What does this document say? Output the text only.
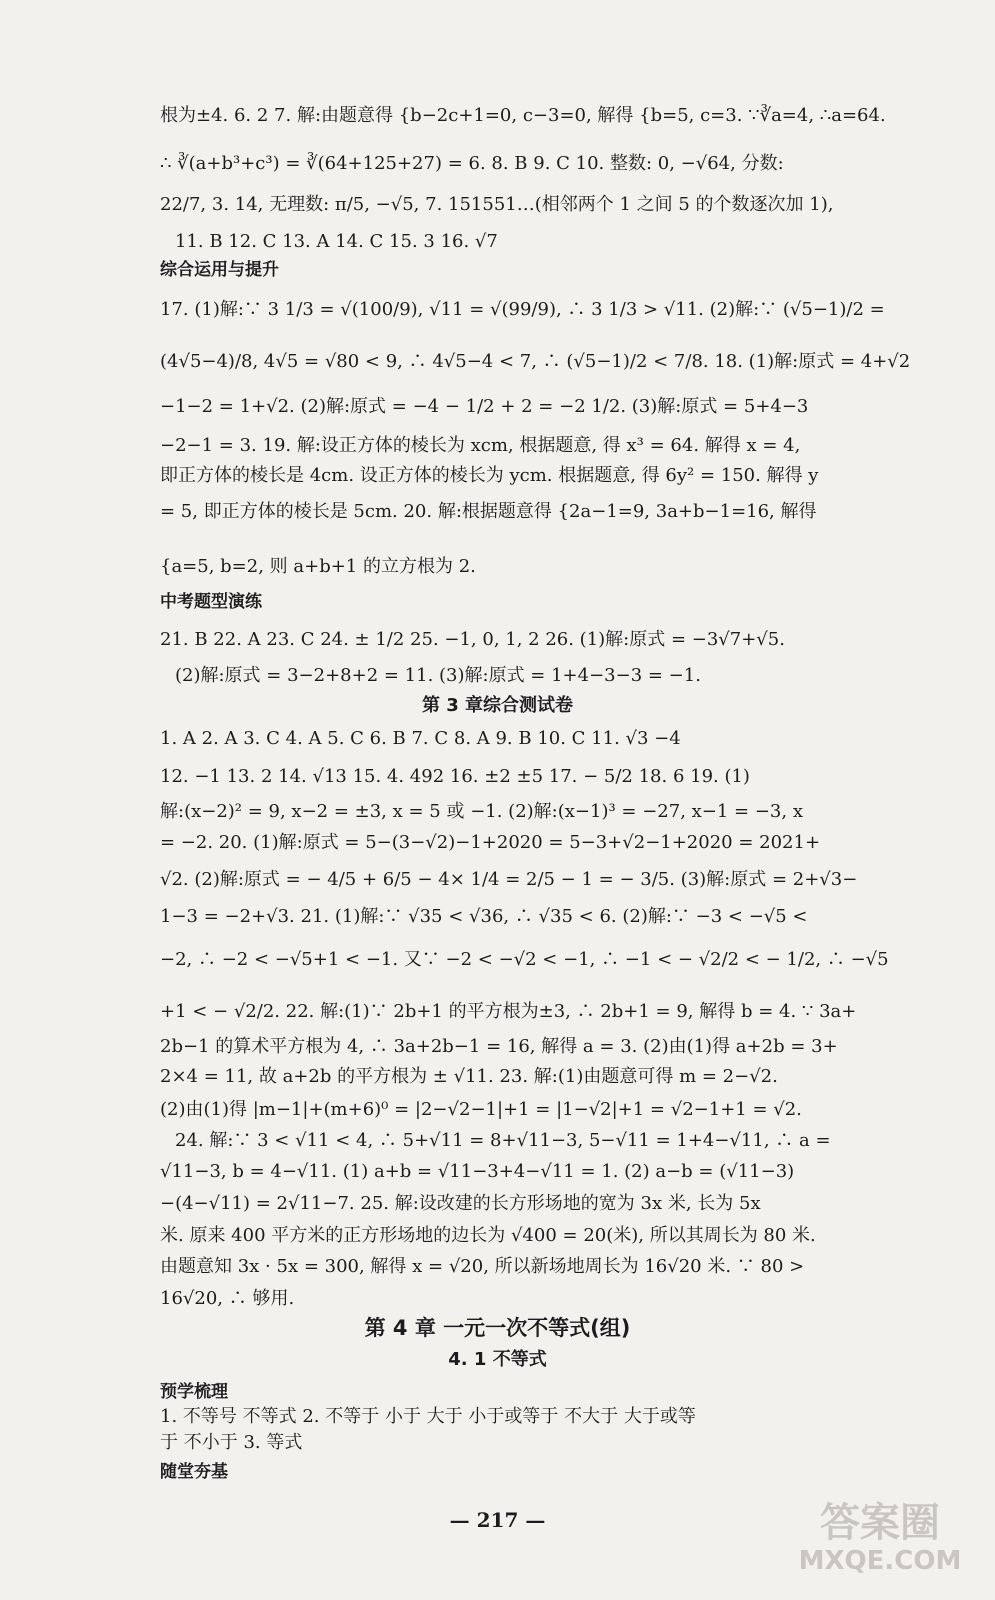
根为±4. 6. 2 7. 解:由题意得 {b−2c+1=0, c−3=0, 解得 {b=5, c=3. ∵∛a=4, ∴a=64.
∴ ∛(a+b³+c³) = ∛(64+125+27) = 6. 8. B 9. C 10. 整数: 0, −√64, 分数:
22/7, 3. 14, 无理数: π/5, −√5, 7. 151551…(相邻两个 1 之间 5 的个数逐次加 1),
11. B 12. C 13. A 14. C 15. 3 16. √7
综合运用与提升
17. (1)解:∵ 3 1/3 = √(100/9), √11 = √(99/9), ∴ 3 1/3 > √11. (2)解:∵ (√5−1)/2 =
(4√5−4)/8, 4√5 = √80 < 9, ∴ 4√5−4 < 7, ∴ (√5−1)/2 < 7/8. 18. (1)解:原式 = 4+√2
−1−2 = 1+√2. (2)解:原式 = −4 − 1/2 + 2 = −2 1/2. (3)解:原式 = 5+4−3
−2−1 = 3. 19. 解:设正方体的棱长为 xcm, 根据题意, 得 x³ = 64. 解得 x = 4,
即正方体的棱长是 4cm. 设正方体的棱长为 ycm. 根据题意, 得 6y² = 150. 解得 y
= 5, 即正方体的棱长是 5cm. 20. 解:根据题意得 {2a−1=9, 3a+b−1=16, 解得
{a=5, b=2, 则 a+b+1 的立方根为 2.
中考题型演练
21. B 22. A 23. C 24. ± 1/2 25. −1, 0, 1, 2 26. (1)解:原式 = −3√7+√5.
(2)解:原式 = 3−2+8+2 = 11. (3)解:原式 = 1+4−3−3 = −1.
第 3 章综合测试卷
1. A 2. A 3. C 4. A 5. C 6. B 7. C 8. A 9. B 10. C 11. √3 −4
12. −1 13. 2 14. √13 15. 4. 492 16. ±2 ±5 17. − 5/2 18. 6 19. (1)
解:(x−2)² = 9, x−2 = ±3, x = 5 或 −1. (2)解:(x−1)³ = −27, x−1 = −3, x
= −2. 20. (1)解:原式 = 5−(3−√2)−1+2020 = 5−3+√2−1+2020 = 2021+
√2. (2)解:原式 = − 4/5 + 6/5 − 4× 1/4 = 2/5 − 1 = − 3/5. (3)解:原式 = 2+√3−
1−3 = −2+√3. 21. (1)解:∵ √35 < √36, ∴ √35 < 6. (2)解:∵ −3 < −√5 <
−2, ∴ −2 < −√5+1 < −1. 又∵ −2 < −√2 < −1, ∴ −1 < − √2/2 < − 1/2, ∴ −√5
+1 < − √2/2. 22. 解:(1)∵ 2b+1 的平方根为±3, ∴ 2b+1 = 9, 解得 b = 4. ∵ 3a+
2b−1 的算术平方根为 4, ∴ 3a+2b−1 = 16, 解得 a = 3. (2)由(1)得 a+2b = 3+
2×4 = 11, 故 a+2b 的平方根为 ± √11. 23. 解:(1)由题意可得 m = 2−√2.
(2)由(1)得 |m−1|+(m+6)⁰ = |2−√2−1|+1 = |1−√2|+1 = √2−1+1 = √2.
24. 解:∵ 3 < √11 < 4, ∴ 5+√11 = 8+√11−3, 5−√11 = 1+4−√11, ∴ a =
√11−3, b = 4−√11. (1) a+b = √11−3+4−√11 = 1. (2) a−b = (√11−3)
−(4−√11) = 2√11−7. 25. 解:设改建的长方形场地的宽为 3x 米, 长为 5x
米. 原来 400 平方米的正方形场地的边长为 √400 = 20(米), 所以其周长为 80 米.
由题意知 3x · 5x = 300, 解得 x = √20, 所以新场地周长为 16√20 米. ∵ 80 >
16√20, ∴ 够用.
第 4 章 一元一次不等式(组)
4. 1 不等式
预学梳理
1. 不等号 不等式 2. 不等于 小于 大于 小于或等于 不大于 大于或等
于 不小于 3. 等式
随堂夯基
— 217 —	答案圈
MXQE.COM
